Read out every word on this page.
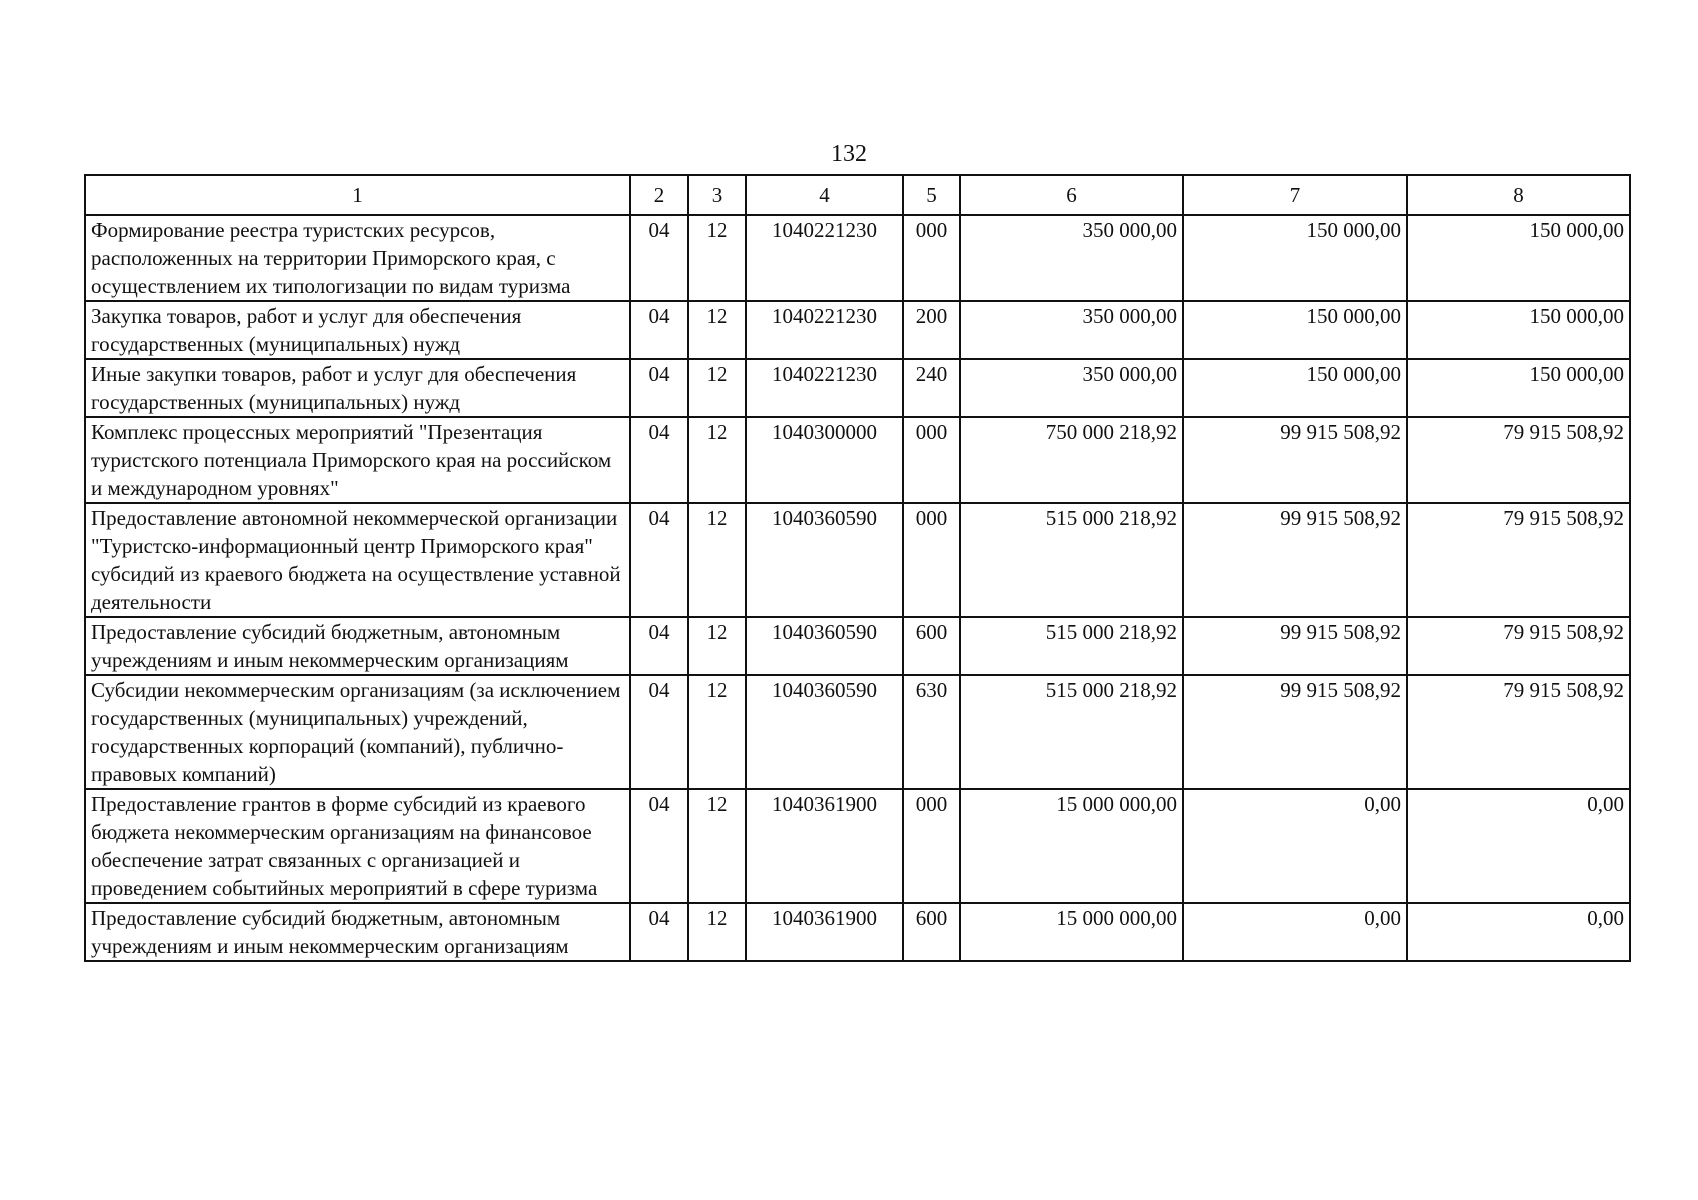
132
1	2	3	4	5	6	7	8
Формирование реестра туристских ресурсов, расположенных на территории Приморского края, с осуществлением их типологизации по видам туризма	04	12	1040221230	000	350 000,00	150 000,00	150 000,00
Закупка товаров, работ и услуг для обеспечения государственных (муниципальных) нужд	04	12	1040221230	200	350 000,00	150 000,00	150 000,00
Иные закупки товаров, работ и услуг для обеспечения государственных (муниципальных) нужд	04	12	1040221230	240	350 000,00	150 000,00	150 000,00
Комплекс процессных мероприятий "Презентация туристского потенциала Приморского края на российском и международном уровнях"	04	12	1040300000	000	750 000 218,92	99 915 508,92	79 915 508,92
Предоставление автономной некоммерческой организации "Туристско-информационный центр Приморского края" субсидий из краевого бюджета на осуществление уставной деятельности	04	12	1040360590	000	515 000 218,92	99 915 508,92	79 915 508,92
Предоставление субсидий бюджетным, автономным учреждениям и иным некоммерческим организациям	04	12	1040360590	600	515 000 218,92	99 915 508,92	79 915 508,92
Субсидии некоммерческим организациям (за исключением государственных (муниципальных) учреждений, государственных корпораций (компаний), публично-правовых компаний)	04	12	1040360590	630	515 000 218,92	99 915 508,92	79 915 508,92
Предоставление грантов в форме субсидий из краевого бюджета некоммерческим организациям на финансовое обеспечение затрат связанных с организацией и проведением событийных мероприятий в сфере туризма	04	12	1040361900	000	15 000 000,00	0,00	0,00
Предоставление субсидий бюджетным, автономным учреждениям и иным некоммерческим организациям	04	12	1040361900	600	15 000 000,00	0,00	0,00
